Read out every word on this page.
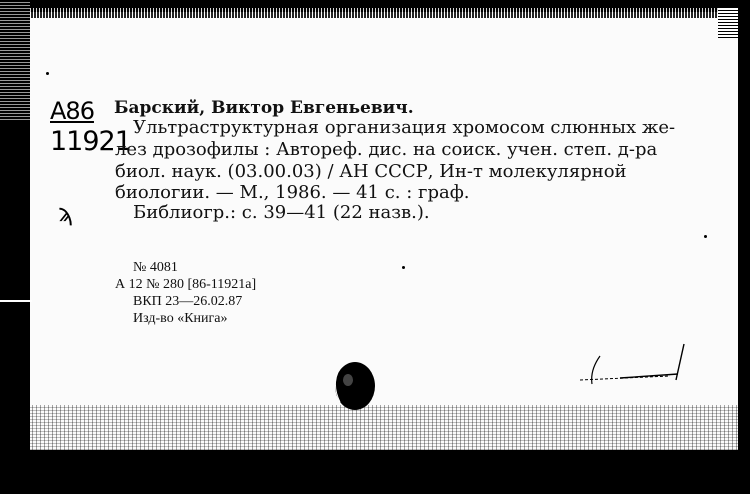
А86
11921
ϡ
Барский, Виктор Евгеньевич.
Ультраструктурная организация хромосом слюнных же-
лез дрозофилы : Автореф. дис. на соиск. учен. степ. д-ра
биол. наук. (03.00.03) / АН СССР, Ин-т молекулярной
биологии. — М., 1986. — 41 с. : граф.
Библиогр.: с. 39—41 (22 назв.).
№ 4081
А 12 № 280 [86-11921а]
ВКП 23—26.02.87
Изд-во «Книга»
